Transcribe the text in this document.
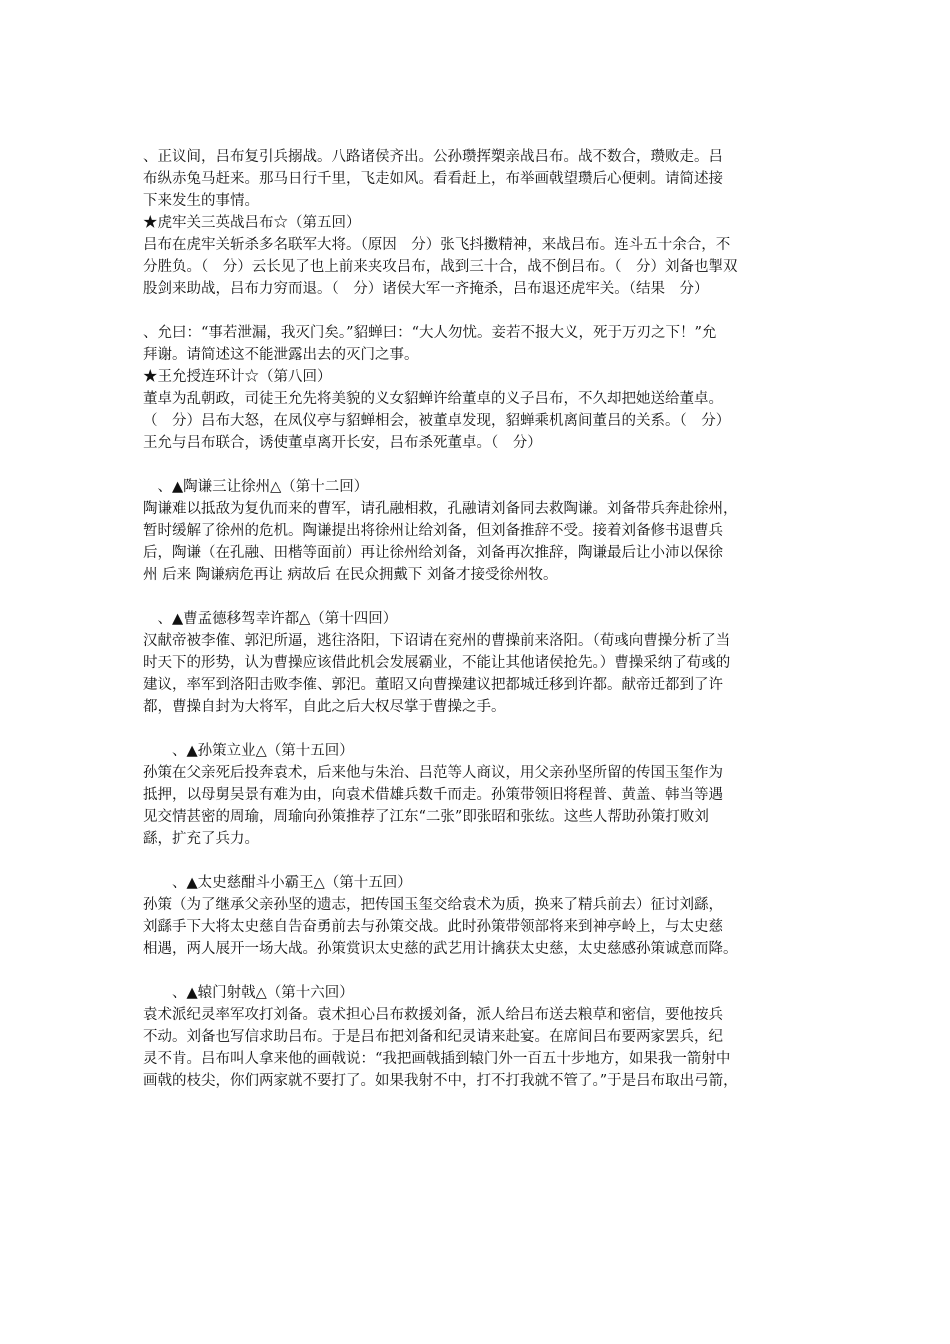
、正议间，吕布复引兵搦战。八路诸侯齐出。公孙瓒挥槊亲战吕布。战不数合，瓒败走。吕
布纵赤兔马赶来。那马日行千里，飞走如风。看看赶上，布举画戟望瓒后心便刺。请简述接
下来发生的事情。
★虎牢关三英战吕布☆（第五回）
吕布在虎牢关斩杀多名联军大将。（原因　分）张飞抖擞精神，来战吕布。连斗五十余合，不
分胜负。（　分）云长见了也上前来夹攻吕布，战到三十合，战不倒吕布。（　分）刘备也掣双
股剑来助战，吕布力穷而退。（　分）诸侯大军一齐掩杀，吕布退还虎牢关。（结果　分）
、允曰：“事若泄漏，我灭门矣。”貂蝉曰：“大人勿忧。妾若不报大义，死于万刃之下！”允
拜谢。请简述这不能泄露出去的灭门之事。
★王允授连环计☆（第八回）
董卓为乱朝政，司徒王允先将美貌的义女貂蝉许给董卓的义子吕布，不久却把她送给董卓。
（　分）吕布大怒，在凤仪亭与貂蝉相会，被董卓发现，貂蝉乘机离间董吕的关系。（　分）
王允与吕布联合，诱使董卓离开长安，吕布杀死董卓。（　分）
　、▲陶谦三让徐州△（第十二回）
陶谦难以抵敌为复仇而来的曹军，请孔融相救，孔融请刘备同去救陶谦。刘备带兵奔赴徐州，
暂时缓解了徐州的危机。陶谦提出将徐州让给刘备，但刘备推辞不受。接着刘备修书退曹兵
后，陶谦（在孔融、田楷等面前）再让徐州给刘备，刘备再次推辞，陶谦最后让小沛以保徐
州 后来 陶谦病危再让 病故后 在民众拥戴下 刘备才接受徐州牧。
　、▲曹孟德移驾幸许都△（第十四回）
汉献帝被李傕、郭汜所逼，逃往洛阳，下诏请在兖州的曹操前来洛阳。（荀彧向曹操分析了当
时天下的形势，认为曹操应该借此机会发展霸业，不能让其他诸侯抢先。）曹操采纳了荀彧的
建议，率军到洛阳击败李傕、郭汜。董昭又向曹操建议把都城迁移到许都。献帝迁都到了许
都，曹操自封为大将军，自此之后大权尽掌于曹操之手。
　　、▲孙策立业△（第十五回）
孙策在父亲死后投奔袁术，后来他与朱治、吕范等人商议，用父亲孙坚所留的传国玉玺作为
抵押，以母舅吴景有难为由，向袁术借雄兵数千而走。孙策带领旧将程普、黄盖、韩当等遇
见交情甚密的周瑜，周瑜向孙策推荐了江东“二张”即张昭和张纮。这些人帮助孙策打败刘
繇，扩充了兵力。
　　、▲太史慈酣斗小霸王△（第十五回）
孙策（为了继承父亲孙坚的遗志，把传国玉玺交给袁术为质，换来了精兵前去）征讨刘繇，
刘繇手下大将太史慈自告奋勇前去与孙策交战。此时孙策带领部将来到神亭岭上，与太史慈
相遇，两人展开一场大战。孙策赏识太史慈的武艺用计擒获太史慈，太史慈感孙策诚意而降。
　　、▲辕门射戟△（第十六回）
袁术派纪灵率军攻打刘备。袁术担心吕布救援刘备，派人给吕布送去粮草和密信，要他按兵
不动。刘备也写信求助吕布。于是吕布把刘备和纪灵请来赴宴。在席间吕布要两家罢兵，纪
灵不肯。吕布叫人拿来他的画戟说：“我把画戟插到辕门外一百五十步地方，如果我一箭射中
画戟的枝尖，你们两家就不要打了。如果我射不中，打不打我就不管了。”于是吕布取出弓箭，
